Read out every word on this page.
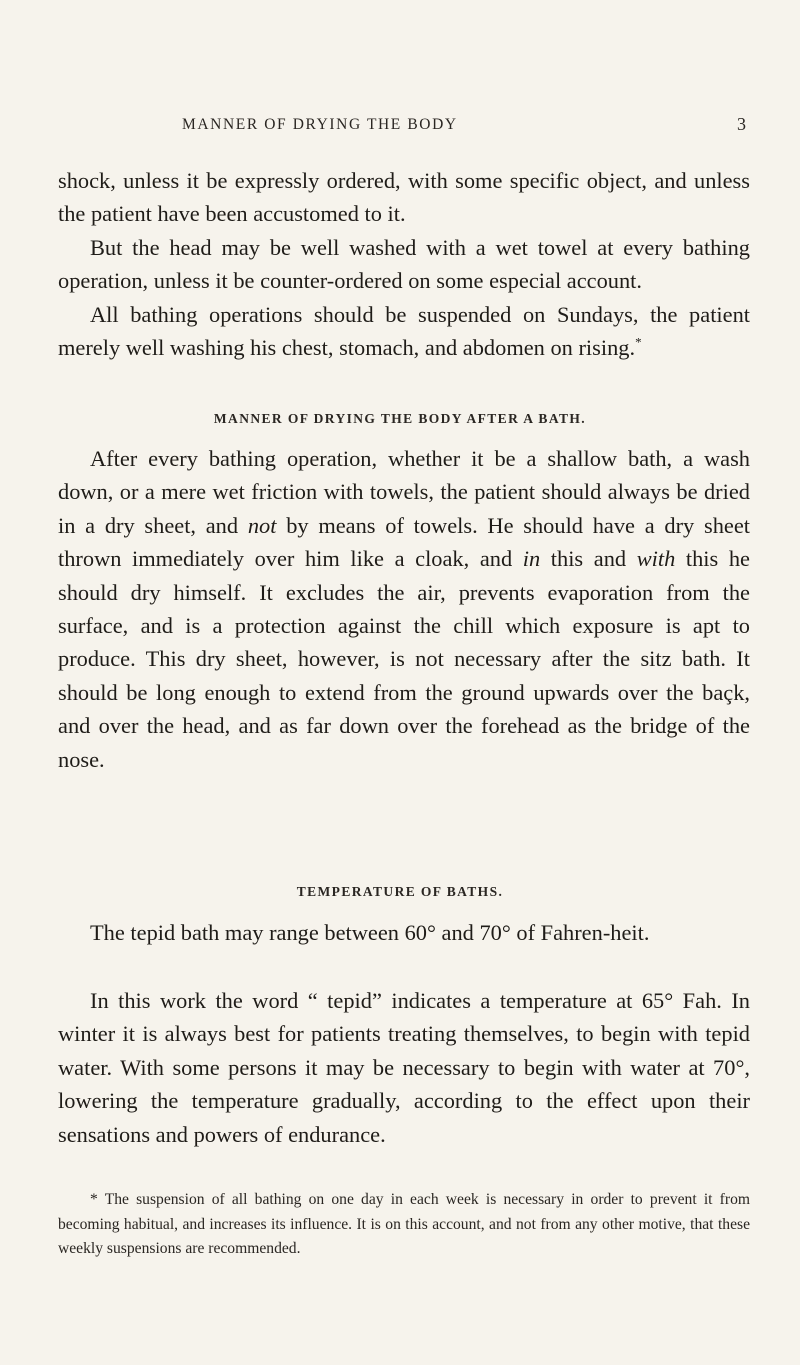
MANNER OF DRYING THE BODY	3

shock, unless it be expressly ordered, with some specific object, and unless the patient have been accustomed to it.

But the head may be well washed with a wet towel at every bathing operation, unless it be counter-ordered on some especial account.

All bathing operations should be suspended on Sundays, the patient merely well washing his chest, stomach, and abdomen on rising.*

MANNER OF DRYING THE BODY AFTER A BATH.

After every bathing operation, whether it be a shallow bath, a wash down, or a mere wet friction with towels, the patient should always be dried in a dry sheet, and not by means of towels. He should have a dry sheet thrown immediately over him like a cloak, and in this and with this he should dry himself. It excludes the air, prevents evaporation from the surface, and is a protection against the chill which exposure is apt to produce. This dry sheet, however, is not necessary after the sitz bath. It should be long enough to extend from the ground upwards over the baçk, and over the head, and as far down over the forehead as the bridge of the nose.

TEMPERATURE OF BATHS.

The tepid bath may range between 60° and 70° of Fahren-heit.

In this work the word “ tepid” indicates a temperature at 65° Fah. In winter it is always best for patients treating themselves, to begin with tepid water. With some persons it may be necessary to begin with water at 70°, lowering the temperature gradually, according to the effect upon their sensations and powers of endurance.

* The suspension of all bathing on one day in each week is necessary in order to prevent it from becoming habitual, and increases its influence. It is on this account, and not from any other motive, that these weekly suspensions are recommended.
